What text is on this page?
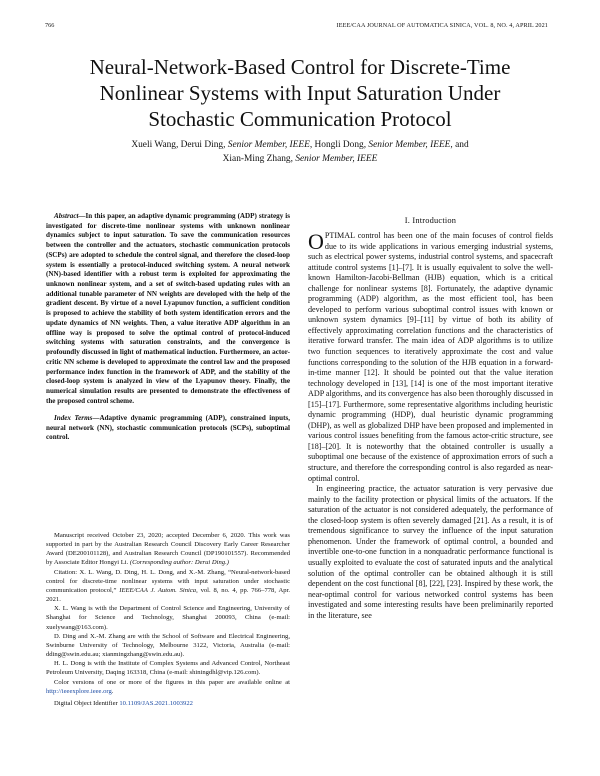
766	IEEE/CAA JOURNAL OF AUTOMATICA SINICA, VOL. 8, NO. 4, APRIL 2021
Neural-Network-Based Control for Discrete-Time
Nonlinear Systems with Input Saturation Under
Stochastic Communication Protocol
Xueli Wang, Derui Ding, Senior Member, IEEE, Hongli Dong, Senior Member, IEEE, and
Xian-Ming Zhang, Senior Member, IEEE

Abstract—In this paper, an adaptive dynamic programming (ADP) strategy is investigated for discrete-time nonlinear systems with unknown nonlinear dynamics subject to input saturation. To save the communication resources between the controller and the actuators, stochastic communication protocols (SCPs) are adopted to schedule the control signal, and therefore the closed-loop system is essentially a protocol-induced switching system. A neural network (NN)-based identifier with a robust term is exploited for approximating the unknown nonlinear system, and a set of switch-based updating rules with an additional tunable parameter of NN weights are developed with the help of the gradient descent. By virtue of a novel Lyapunov function, a sufficient condition is proposed to achieve the stability of both system identification errors and the update dynamics of NN weights. Then, a value iterative ADP algorithm in an offline way is proposed to solve the optimal control of protocol-induced switching systems with saturation constraints, and the convergence is profoundly discussed in light of mathematical induction. Furthermore, an actor-critic NN scheme is developed to approximate the control law and the proposed performance index function in the framework of ADP, and the stability of the closed-loop system is analyzed in view of the Lyapunov theory. Finally, the numerical simulation results are presented to demonstrate the effectiveness of the proposed control scheme.

Index Terms—Adaptive dynamic programming (ADP), constrained inputs, neural network (NN), stochastic communication protocols (SCPs), suboptimal control.

Manuscript received October 23, 2020; accepted December 6, 2020. This work was supported in part by the Australian Research Council Discovery Early Career Researcher Award (DE200101128), and Australian Research Council (DP190101557). Recommended by Associate Editor Hongyi Li. (Corresponding author: Derui Ding.)

Citation: X. L. Wang, D. Ding, H. L. Dong, and X.-M. Zhang, “Neural-network-based control for discrete-time nonlinear systems with input saturation under stochastic communication protocol,” IEEE/CAA J. Autom. Sinica, vol. 8, no. 4, pp. 766–778, Apr. 2021.

X. L. Wang is with the Department of Control Science and Engineering, University of Shanghai for Science and Technology, Shanghai 200093, China (e-mail: xuelywang@163.com).

D. Ding and X.-M. Zhang are with the School of Software and Electrical Engineering, Swinburne University of Technology, Melbourne 3122, Victoria, Australia (e-mail: dding@swin.edu.au; xianmingzhang@swin.edu.au).

H. L. Dong is with the Institute of Complex Systems and Advanced Control, Northeast Petroleum University, Daqing 163318, China (e-mail: shiningdhl@vip.126.com).

Color versions of one or more of the figures in this paper are available online at http://ieeexplore.ieee.org.

Digital Object Identifier 10.1109/JAS.2021.1003922

I. Introduction

OPTIMAL control has been one of the main focuses of control fields due to its wide applications in various emerging industrial systems, such as electrical power systems, industrial control systems, and spacecraft attitude control systems [1]–[7]. It is usually equivalent to solve the well-known Hamilton-Jacobi-Bellman (HJB) equation, which is a critical challenge for nonlinear systems [8]. Fortunately, the adaptive dynamic programming (ADP) algorithm, as the most efficient tool, has been developed to perform various suboptimal control issues with known or unknown system dynamics [9]–[11] by virtue of both its ability of effectively approximating correlation functions and the characteristics of iterative forward transfer. The main idea of ADP algorithms is to utilize two function sequences to iteratively approximate the cost and value functions corresponding to the solution of the HJB equation in a forward-in-time manner [12]. It should be pointed out that the value iteration technology developed in [13], [14] is one of the most important iterative ADP algorithms, and its convergence has also been thoroughly discussed in [15]–[17]. Furthermore, some representative algorithms including heuristic dynamic programming (HDP), dual heuristic dynamic programming (DHP), as well as globalized DHP have been proposed and implemented in various control issues benefiting from the famous actor-critic structure, see [18]–[20]. It is noteworthy that the obtained controller is usually a suboptimal one because of the existence of approximation errors of such a structure, and therefore the corresponding control is also regarded as near-optimal control.

In engineering practice, the actuator saturation is very pervasive due mainly to the facility protection or physical limits of the actuators. If the saturation of the actuator is not considered adequately, the performance of the closed-loop system is often severely damaged [21]. As a result, it is of tremendous significance to survey the influence of the input saturation phenomenon. Under the framework of optimal control, a bounded and invertible one-to-one function in a nonquadratic performance functional is usually exploited to evaluate the cost of saturated inputs and the analytical solution of the optimal controller can be obtained although it is still dependent on the cost functional [8], [22], [23]. Inspired by these work, the near-optimal control for various networked control systems has been investigated and some interesting results have been preliminarily reported in the literature, see
